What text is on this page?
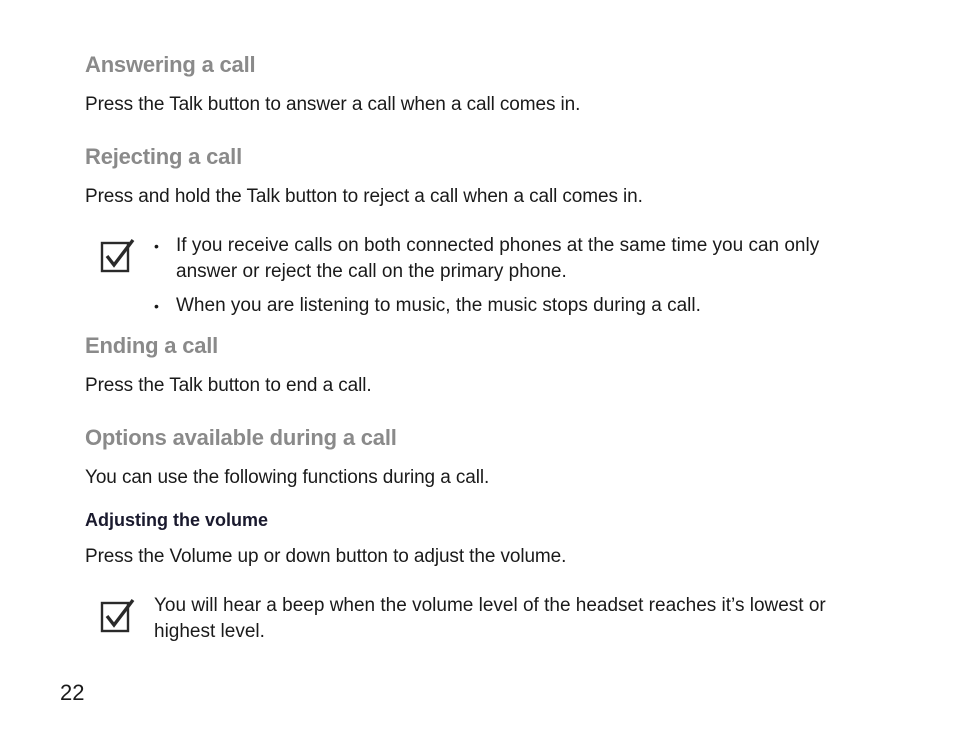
Answering a call
Press the Talk button to answer a call when a call comes in.
Rejecting a call
Press and hold the Talk button to reject a call when a call comes in.
• If you receive calls on both connected phones at the same time you can only answer or reject the call on the primary phone.
• When you are listening to music, the music stops during a call.
Ending a call
Press the Talk button to end a call.
Options available during a call
You can use the following functions during a call.
Adjusting the volume
Press the Volume up or down button to adjust the volume.
You will hear a beep when the volume level of the headset reaches it’s lowest or highest level.
22
